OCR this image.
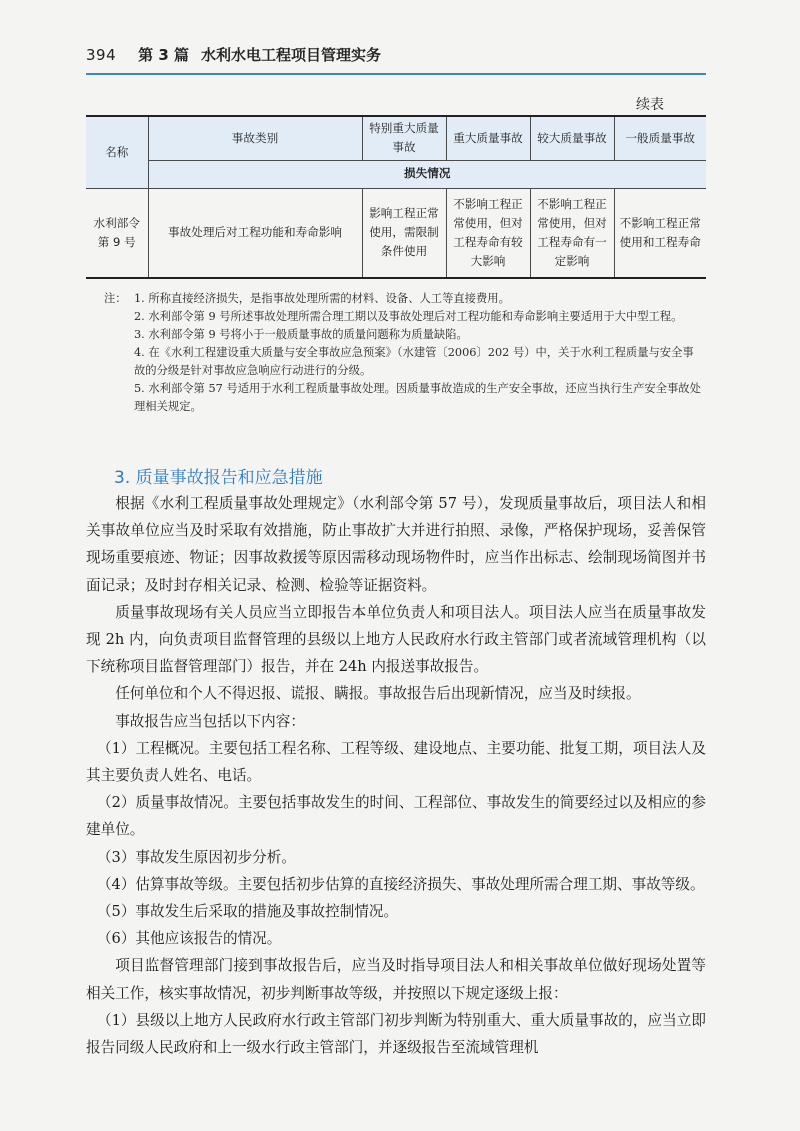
394 第 3 篇 水利水电工程项目管理实务
续表
名称	事故类别	特别重大质量事故	重大质量事故	较大质量事故	一般质量事故
	损失情况				
水利部令第 9 号	事故处理后对工程功能和寿命影响	影响工程正常使用，需限制条件使用	不影响工程正常使用，但对工程寿命有较大影响	不影响工程正常使用，但对工程寿命有一定影响	不影响工程正常使用和工程寿命
注： 1. 所称直接经济损失，是指事故处理所需的材料、设备、人工等直接费用。
2. 水利部令第 9 号所述事故处理所需合理工期以及事故处理后对工程功能和寿命影响主要适用于大中型工程。
3. 水利部令第 9 号将小于一般质量事故的质量问题称为质量缺陷。
4. 在《水利工程建设重大质量与安全事故应急预案》（水建管〔2006〕202 号）中，关于水利工程质量与安全事故的分级是针对事故应急响应行动进行的分级。
5. 水利部令第 57 号适用于水利工程质量事故处理。因质量事故造成的生产安全事故，还应当执行生产安全事故处理相关规定。
3. 质量事故报告和应急措施

根据《水利工程质量事故处理规定》（水利部令第 57 号），发现质量事故后，项目法人和相关事故单位应当及时采取有效措施，防止事故扩大并进行拍照、录像，严格保护现场，妥善保管现场重要痕迹、物证；因事故救援等原因需移动现场物件时，应当作出标志、绘制现场简图并书面记录；及时封存相关记录、检测、检验等证据资料。

质量事故现场有关人员应当立即报告本单位负责人和项目法人。项目法人应当在质量事故发现 2h 内，向负责项目监督管理的县级以上地方人民政府水行政主管部门或者流域管理机构（以下统称项目监督管理部门）报告，并在 24h 内报送事故报告。

任何单位和个人不得迟报、谎报、瞒报。事故报告后出现新情况，应当及时续报。

事故报告应当包括以下内容：

（1）工程概况。主要包括工程名称、工程等级、建设地点、主要功能、批复工期，项目法人及其主要负责人姓名、电话。

（2）质量事故情况。主要包括事故发生的时间、工程部位、事故发生的简要经过以及相应的参建单位。

（3）事故发生原因初步分析。

（4）估算事故等级。主要包括初步估算的直接经济损失、事故处理所需合理工期、事故等级。

（5）事故发生后采取的措施及事故控制情况。

（6）其他应该报告的情况。

项目监督管理部门接到事故报告后，应当及时指导项目法人和相关事故单位做好现场处置等相关工作，核实事故情况，初步判断事故等级，并按照以下规定逐级上报：

（1）县级以上地方人民政府水行政主管部门初步判断为特别重大、重大质量事故的，应当立即报告同级人民政府和上一级水行政主管部门，并逐级报告至流域管理机
